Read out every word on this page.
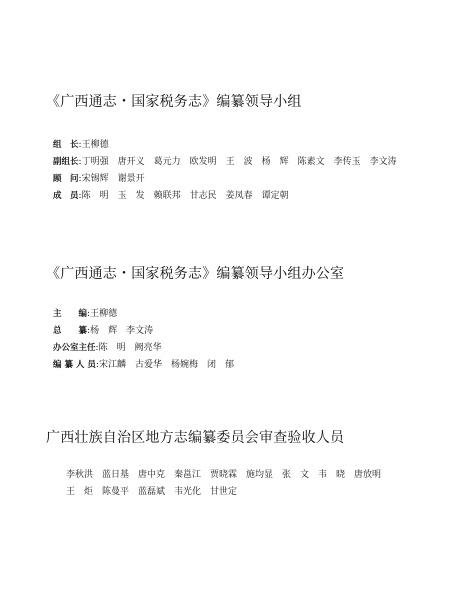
《广西通志・国家税务志》编纂领导小组
组　长:王柳德
副组长:丁明强　唐开义　葛元力　欧发明　王　波　杨　辉　陈素文　李传玉　李文涛
顾　问:宋锡辉　谢景开
成　员:陈　明　玉　发　赖联邦　甘志民　姜凤春　谭定朝
《广西通志・国家税务志》编纂领导小组办公室
主　　编:王柳德
总　　纂:杨　辉　李文涛
办公室主任:陈　明　阙亮华
编 纂 人 员:宋江麟　古爱华　杨婉梅　闭　郁
广西壮族自治区地方志编纂委员会审查验收人员
李秋洪　蓝日基　唐中克　秦邕江　贾晓霖　施均显　张　文　韦　晓　唐放明
王　炬　陈曼平　蓝磊斌　韦光化　甘世定
